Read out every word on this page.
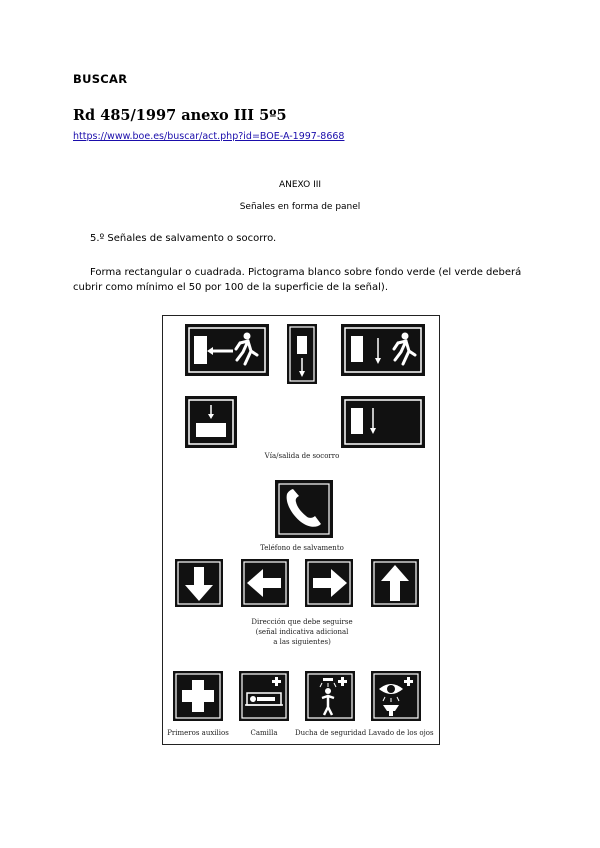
BUSCAR
Rd 485/1997 anexo III 5º5
https://www.boe.es/buscar/act.php?id=BOE-A-1997-8668
ANEXO III
Señales en forma de panel
5.º Señales de salvamento o socorro.
Forma rectangular o cuadrada. Pictograma blanco sobre fondo verde (el verde deberá cubrir como mínimo el 50 por 100 de la superficie de la señal).
Vía/salida de socorro
Teléfono de salvamento
Dirección que debe seguirse
(señal indicativa adicional
a las siguientes)
Primeros auxilios	Camilla	Ducha de seguridad Lavado de los ojos
